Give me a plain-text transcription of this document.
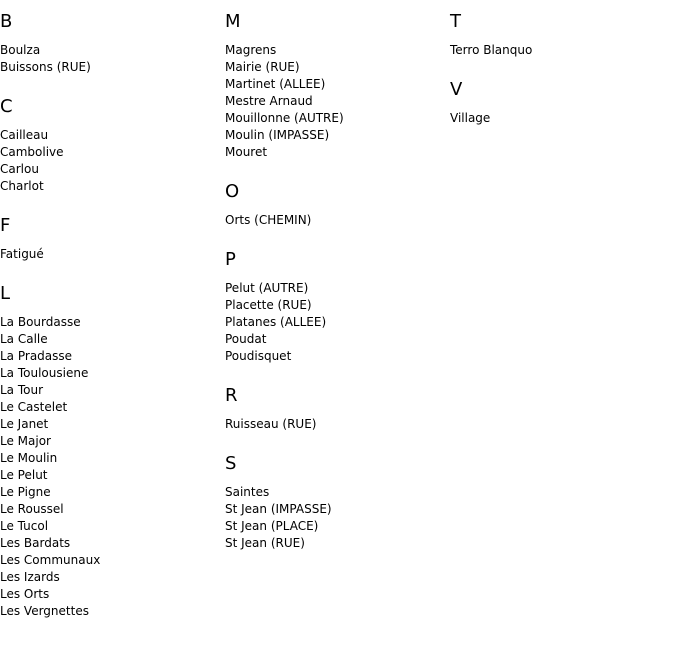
B
Boulza
Buissons (RUE)
C
Cailleau
Cambolive
Carlou
Charlot
F
Fatigué
L
La Bourdasse
La Calle
La Pradasse
La Toulousiene
La Tour
Le Castelet
Le Janet
Le Major
Le Moulin
Le Pelut
Le Pigne
Le Roussel
Le Tucol
Les Bardats
Les Communaux
Les Izards
Les Orts
Les Vergnettes
M
Magrens
Mairie (RUE)
Martinet (ALLEE)
Mestre Arnaud
Mouillonne (AUTRE)
Moulin (IMPASSE)
Mouret
O
Orts (CHEMIN)
P
Pelut (AUTRE)
Placette (RUE)
Platanes (ALLEE)
Poudat
Poudisquet
R
Ruisseau (RUE)
S
Saintes
St Jean (IMPASSE)
St Jean (PLACE)
St Jean (RUE)
T
Terro Blanquo
V
Village
